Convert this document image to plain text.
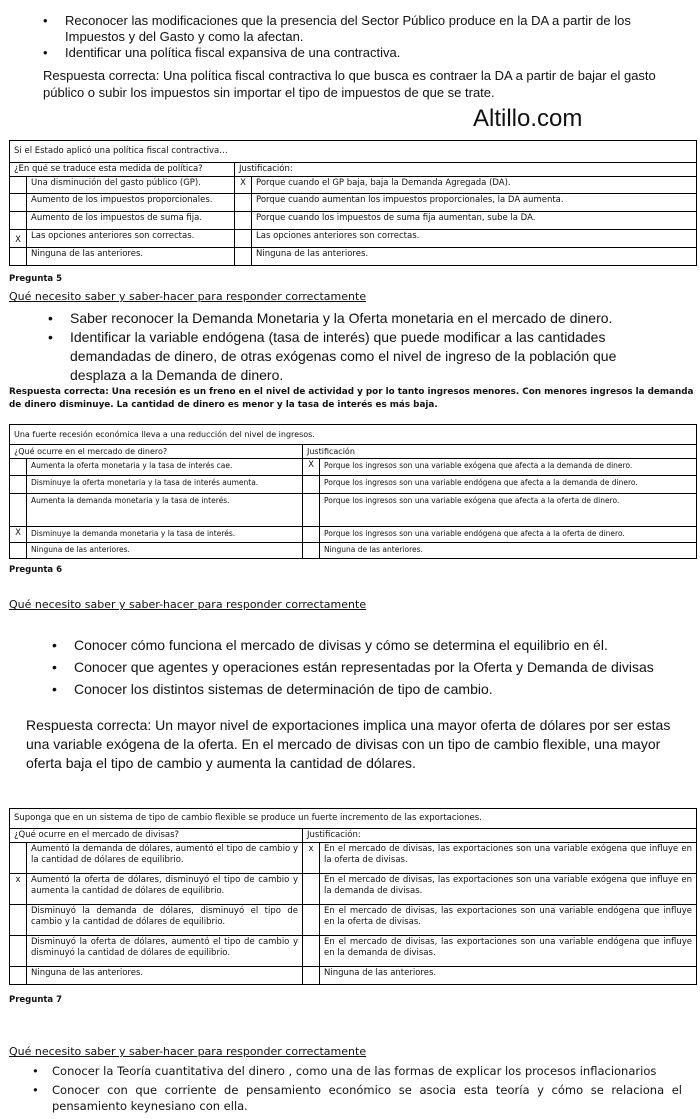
• Reconocer las modificaciones que la presencia del Sector Público produce en la DA a partir de los Impuestos y del Gasto y como la afectan.
• Identificar una política fiscal expansiva de una contractiva.
Respuesta correcta: Una política fiscal contractiva lo que busca es contraer la DA a partir de bajar el gasto público o subir los impuestos sin importar el tipo de impuestos de que se trate.
Altillo.com
Si el Estado aplicó una política fiscal contractiva…			
¿En qué se traduce esta medida de política?		Justificación:	
	Una disminución del gasto público (GP).	X	Porque cuando el GP baja, baja la Demanda Agregada (DA).
	Aumento de los impuestos proporcionales.		Porque cuando aumentan los impuestos proporcionales, la DA aumenta.
	Aumento de los impuestos de suma fija.		Porque cuando los impuestos de suma fija aumentan, sube la DA.
X	Las opciones anteriores son correctas.		Las opciones anteriores son correctas.
	Ninguna de las anteriores.		Ninguna de las anteriores.
Pregunta 5
Qué necesito saber y saber-hacer para responder correctamente
• Saber reconocer la Demanda Monetaria y la Oferta monetaria en el mercado de dinero.
• Identificar la variable endógena (tasa de interés) que puede modificar a las cantidades demandadas de dinero, de otras exógenas como el nivel de ingreso de la población que desplaza a la Demanda de dinero.
Respuesta correcta: Una recesión es un freno en el nivel de actividad y por lo tanto ingresos menores. Con menores ingresos la demanda de dinero disminuye. La cantidad de dinero es menor y la tasa de interés es más baja.
Una fuerte recesión económica lleva a una reducción del nivel de ingresos.			
¿Qué ocurre en el mercado de dinero?		Justificación	
	Aumenta la oferta monetaria y la tasa de interés cae.	X	Porque los ingresos son una variable exógena que afecta a la demanda de dinero.
	Disminuye la oferta monetaria y la tasa de interés aumenta.		Porque los ingresos son una variable endógena que afecta a la demanda de dinero.
	Aumenta la demanda monetaria y la tasa de interés.		Porque los ingresos son una variable exógena que afecta a la oferta de dinero.
X	Disminuye la demanda monetaria y la tasa de interés.		Porque los ingresos son una variable endógena que afecta a la oferta de dinero.
	Ninguna de las anteriores.		Ninguna de las anteriores.
Pregunta 6
Qué necesito saber y saber-hacer para responder correctamente
• Conocer cómo funciona el mercado de divisas y cómo se determina el equilibrio en él.
• Conocer que agentes y operaciones están representadas por la Oferta y Demanda de divisas
• Conocer los distintos sistemas de determinación de tipo de cambio.
Respuesta correcta: Un mayor nivel de exportaciones implica una mayor oferta de dólares por ser estas una variable exógena de la oferta. En el mercado de divisas con un tipo de cambio flexible, una mayor oferta baja el tipo de cambio y aumenta la cantidad de dólares.
Suponga que en un sistema de tipo de cambio flexible se produce un fuerte incremento de las exportaciones.			
¿Qué ocurre en el mercado de divisas?		Justificación:	
	Aumentó la demanda de dólares, aumentó el tipo de cambio y la cantidad de dólares de equilibrio.	x	En el mercado de divisas, las exportaciones son una variable exógena que influye en la oferta de divisas.
x	Aumentó la oferta de dólares, disminuyó el tipo de cambio y aumenta la cantidad de dólares de equilibrio.		En el mercado de divisas, las exportaciones son una variable exógena que influye en la demanda de divisas.
	Disminuyó la demanda de dólares, disminuyó el tipo de cambio y la cantidad de dólares de equilibrio.		En el mercado de divisas, las exportaciones son una variable endógena que influye en la oferta de divisas.
	Disminuyó la oferta de dólares, aumentó el tipo de cambio y disminuyó la cantidad de dólares de equilibrio.		En el mercado de divisas, las exportaciones son una variable endógena que influye en la demanda de divisas.
	Ninguna de las anteriores.		Ninguna de las anteriores.
Pregunta 7
Qué necesito saber y saber-hacer para responder correctamente
• Conocer la Teoría cuantitativa del dinero , como una de las formas de explicar los procesos inflacionarios
• Conocer con que corriente de pensamiento económico se asocia esta teoría y cómo se relaciona el pensamiento keynesiano con ella.
